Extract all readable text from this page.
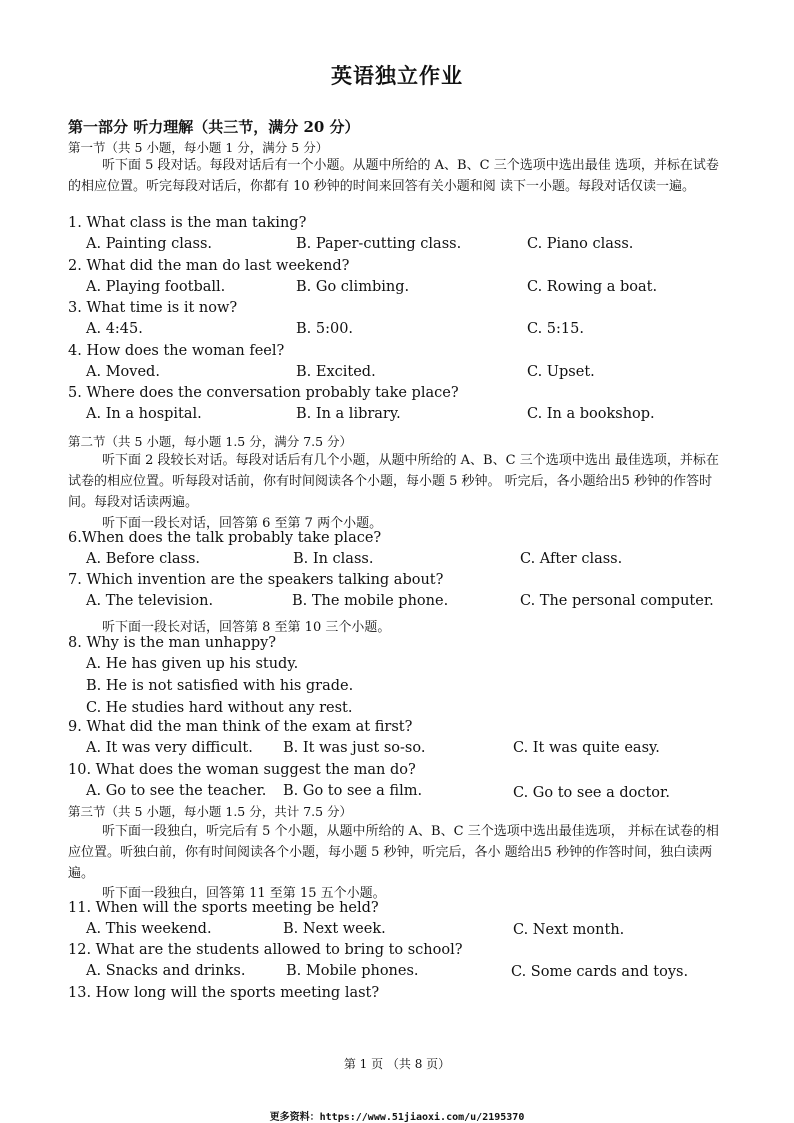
英语独立作业
第一部分 听力理解（共三节，满分 20 分）
第一节（共 5 小题，每小题 1 分，满分 5 分）
听下面 5 段对话。每段对话后有一个小题。从题中所给的 A、B、C 三个选项中选出最佳 选项，并标在试卷的相应位置。听完每段对话后，你都有 10 秒钟的时间来回答有关小题和阅 读下一小题。每段对话仅读一遍。
1. What class is the man taking?
A. Painting class.	B. Paper-cutting class.	C. Piano class.
2. What did the man do last weekend?
A. Playing football.	B. Go climbing.	C. Rowing a boat.
3. What time is it now?
A. 4:45.	B. 5:00.	C. 5:15.
4. How does the woman feel?
A. Moved.	B. Excited.	C. Upset.
5. Where does the conversation probably take place?
A. In a hospital.	B. In a library.	C. In a bookshop.
第二节（共 5 小题，每小题 1.5 分，满分 7.5 分）
听下面 2 段较长对话。每段对话后有几个小题，从题中所给的 A、B、C 三个选项中选出 最佳选项，并标在试卷的相应位置。听每段对话前，你有时间阅读各个小题，每小题 5 秒钟。 听完后，各小题给出5 秒钟的作答时间。每段对话读两遍。
听下面一段长对话，回答第 6 至第 7 两个小题。
6.When does the talk probably take place?
A. Before class.	B. In class.	C. After class.
7. Which invention are the speakers talking about?
A. The television.	B. The mobile phone.	C. The personal computer.
听下面一段长对话，回答第 8 至第 10 三个小题。
8. Why is the man unhappy?
A. He has given up his study.
B. He is not satisfied with his grade.
C. He studies hard without any rest.
9. What did the man think of the exam at first?
A. It was very difficult. B. It was just so-so.	C. It was quite easy.
10. What does the woman suggest the man do?
A. Go to see the teacher. B. Go to see a film.	C. Go to see a doctor.
第三节（共 5 小题，每小题 1.5 分，共计 7.5 分）
听下面一段独白，听完后有 5 个小题，从题中所给的 A、B、C 三个选项中选出最佳选项， 并标在试卷的相应位置。听独白前，你有时间阅读各个小题，每小题 5 秒钟，听完后，各小 题给出5 秒钟的作答时间，独白读两遍。
听下面一段独白，回答第 11 至第 15 五个小题。
11. When will the sports meeting be held?
A. This weekend.	B. Next week.	C. Next month.
12. What are the students allowed to bring to school?
A. Snacks and drinks.	B. Mobile phones.	C. Some cards and toys.
13. How long will the sports meeting last?
第 1 页 （共 8 页）
更多资料：https://www.51jiaoxi.com/u/2195370
